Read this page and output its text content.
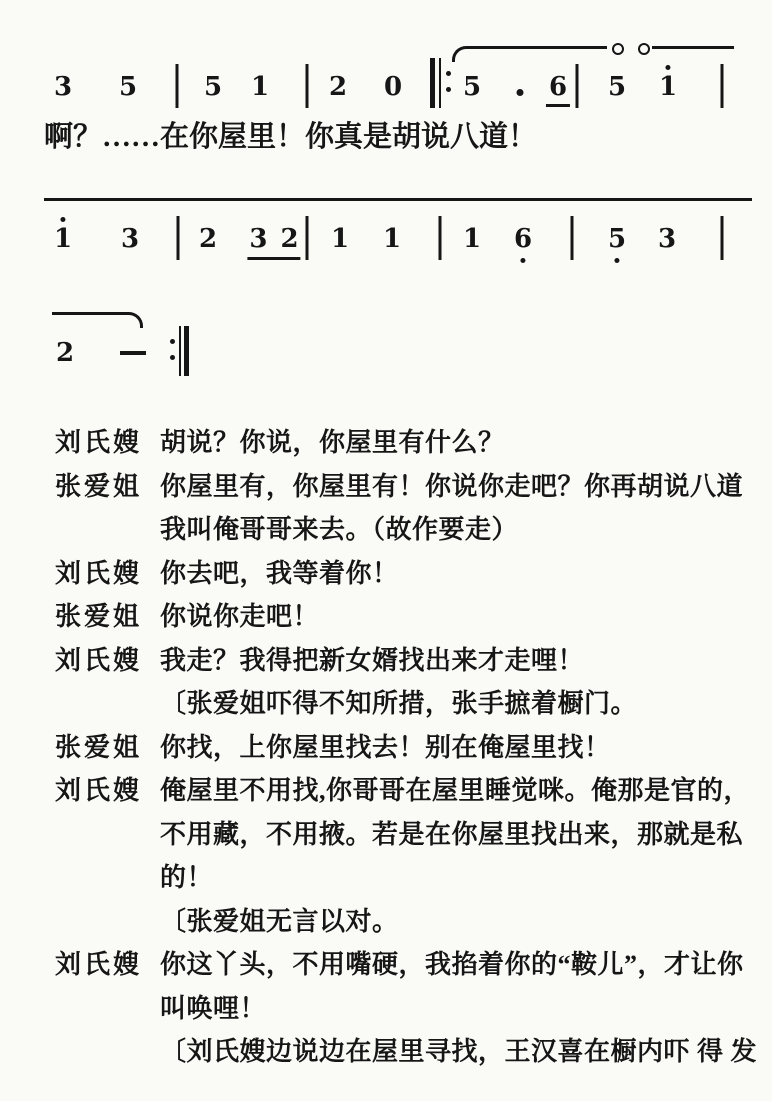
3 5	5 1 2 0 5	6 5 1
1 3 2 3 2 1 1 1 6	5 3
2
啊？……在你屋里！你真是胡说八道！
刘氏嫂 胡说？你说，你屋里有什么？
张爱姐 你屋里有，你屋里有！你说你走吧？你再胡说八道
我叫俺哥哥来去。（故作要走）
刘氏嫂 你去吧，我等着你！
张爱姐 你说你走吧！
刘氏嫂 我走？我得把新女婿找出来才走哩！
〔张爱姐吓得不知所措，张手摭着橱门。
张爱姐 你找，上你屋里找去！别在俺屋里找！
刘氏嫂 俺屋里不用找,你哥哥在屋里睡觉咪。俺那是官的，
不用藏，不用掖。若是在你屋里找出来，那就是私
的！
〔张爱姐无言以对。
刘氏嫂 你这丫头，不用嘴硬，我掐着你的“鞍儿”，才让你
叫唤哩！
〔刘氏嫂边说边在屋里寻找，王汉喜在橱内吓 得 发
